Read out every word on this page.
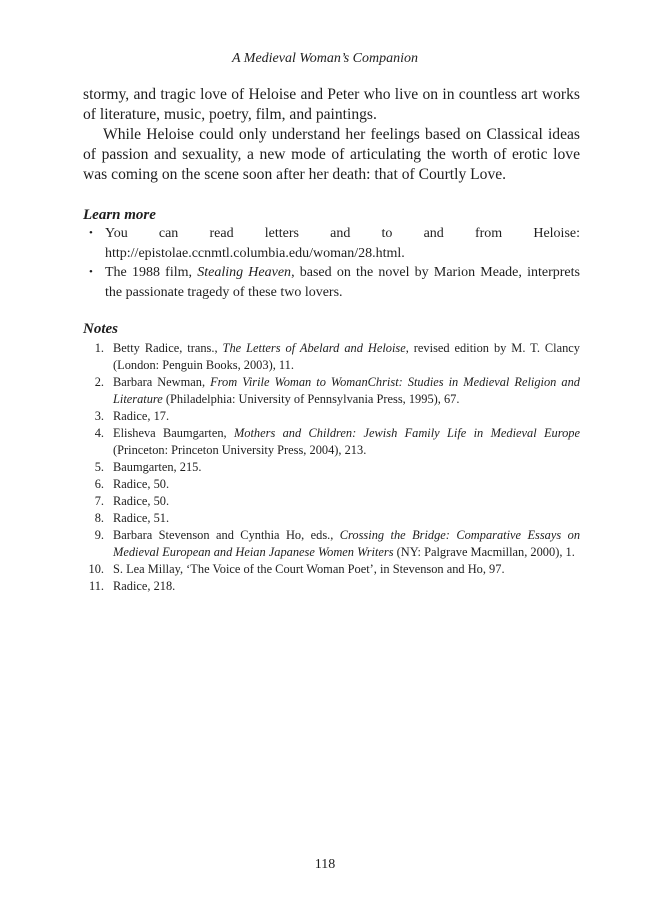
A Medieval Woman’s Companion

stormy, and tragic love of Heloise and Peter who live on in countless art works of literature, music, poetry, film, and paintings.

While Heloise could only understand her feelings based on Classical ideas of passion and sexuality, a new mode of articulating the worth of erotic love was coming on the scene soon after her death: that of Courtly Love.

Learn more
• You can read letters and to and from Heloise: http://epistolae.ccnmtl.columbia.edu/woman/28.html.
• The 1988 film, Stealing Heaven, based on the novel by Marion Meade, interprets the passionate tragedy of these two lovers.
Notes
1. Betty Radice, trans., The Letters of Abelard and Heloise, revised edition by M. T. Clancy (London: Penguin Books, 2003), 11.
2. Barbara Newman, From Virile Woman to WomanChrist: Studies in Medieval Religion and Literature (Philadelphia: University of Pennsylvania Press, 1995), 67.
3. Radice, 17.
4. Elisheva Baumgarten, Mothers and Children: Jewish Family Life in Medieval Europe (Princeton: Princeton University Press, 2004), 213.
5. Baumgarten, 215.
6. Radice, 50.
7. Radice, 50.
8. Radice, 51.
9. Barbara Stevenson and Cynthia Ho, eds., Crossing the Bridge: Comparative Essays on Medieval European and Heian Japanese Women Writers (NY: Palgrave Macmillan, 2000), 1.
10. S. Lea Millay, ‘The Voice of the Court Woman Poet’, in Stevenson and Ho, 97.
11. Radice, 218.
118
